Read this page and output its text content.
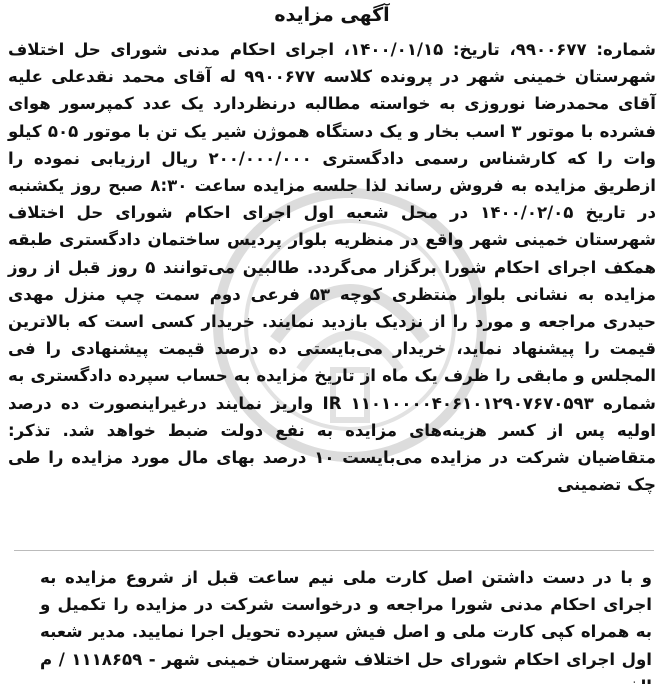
آگهی مزایده

شماره: ۹۹۰۰۶۷۷، تاریخ: ۱۴۰۰/۰۱/۱۵، اجرای احکام مدنی شورای حل اختلاف شهرستان خمینی شهر در پرونده کلاسه ۹۹۰۰۶۷۷ له آقای محمد نقدعلی علیه آقای محمدرضا نوروزی به خواسته مطالبه درنظردارد یک عدد کمپرسور هوای فشرده با موتور ۳ اسب بخار و یک دستگاه هموژن شیر یک تن با موتور ۵۰۵ کیلو وات را که کارشناس رسمی دادگستری ۲۰۰/۰۰۰/۰۰۰ ریال ارزیابی نموده را ازطریق مزایده به فروش رساند لذا جلسه مزایده ساعت ۸:۳۰ صبح روز یکشنبه در تاریخ ۱۴۰۰/۰۲/۰۵ در محل شعبه اول اجرای احکام شورای حل اختلاف شهرستان خمینی شهر واقع در منظریه بلوار پردیس ساختمان دادگستری طبقه همکف اجرای احکام شورا برگزار می‌گردد. طالبین می‌توانند ۵ روز قبل از روز مزایده به نشانی بلوار منتظری کوچه ۵۳ فرعی دوم سمت چپ منزل مهدی حیدری مراجعه و مورد را از نزدیک بازدید نمایند. خریدار کسی است که بالاترین قیمت را پیشنهاد نماید، خریدار می‌بایستی ده درصد قیمت پیشنهادی را فی المجلس و مابقی را ظرف یک ماه از تاریخ مزایده به حساب سپرده دادگستری به شماره IR ۱۱۰۱۰۰۰۰۴۰۶۱۰۱۲۹۰۷۶۷۰۵۹۳ واریز نمایند درغیراینصورت ده درصد اولیه پس از کسر هزینه‌های مزایده به نفع دولت ضبط خواهد شد. تذکر: متقاضیان شرکت در مزایده می‌بایست ۱۰ درصد بهای مال مورد مزایده را طی چک تضمینی

و با در دست داشتن اصل کارت ملی نیم ساعت قبل از شروع مزایده به اجرای احکام مدنی شورا مراجعه و درخواست شرکت در مزایده را تکمیل و به همراه کپی کارت ملی و اصل فیش سپرده تحویل اجرا نمایید. مدیر شعبه اول اجرای احکام شورای حل اختلاف شهرستان خمینی شهر - ۱۱۱۸۶۵۹ / م
